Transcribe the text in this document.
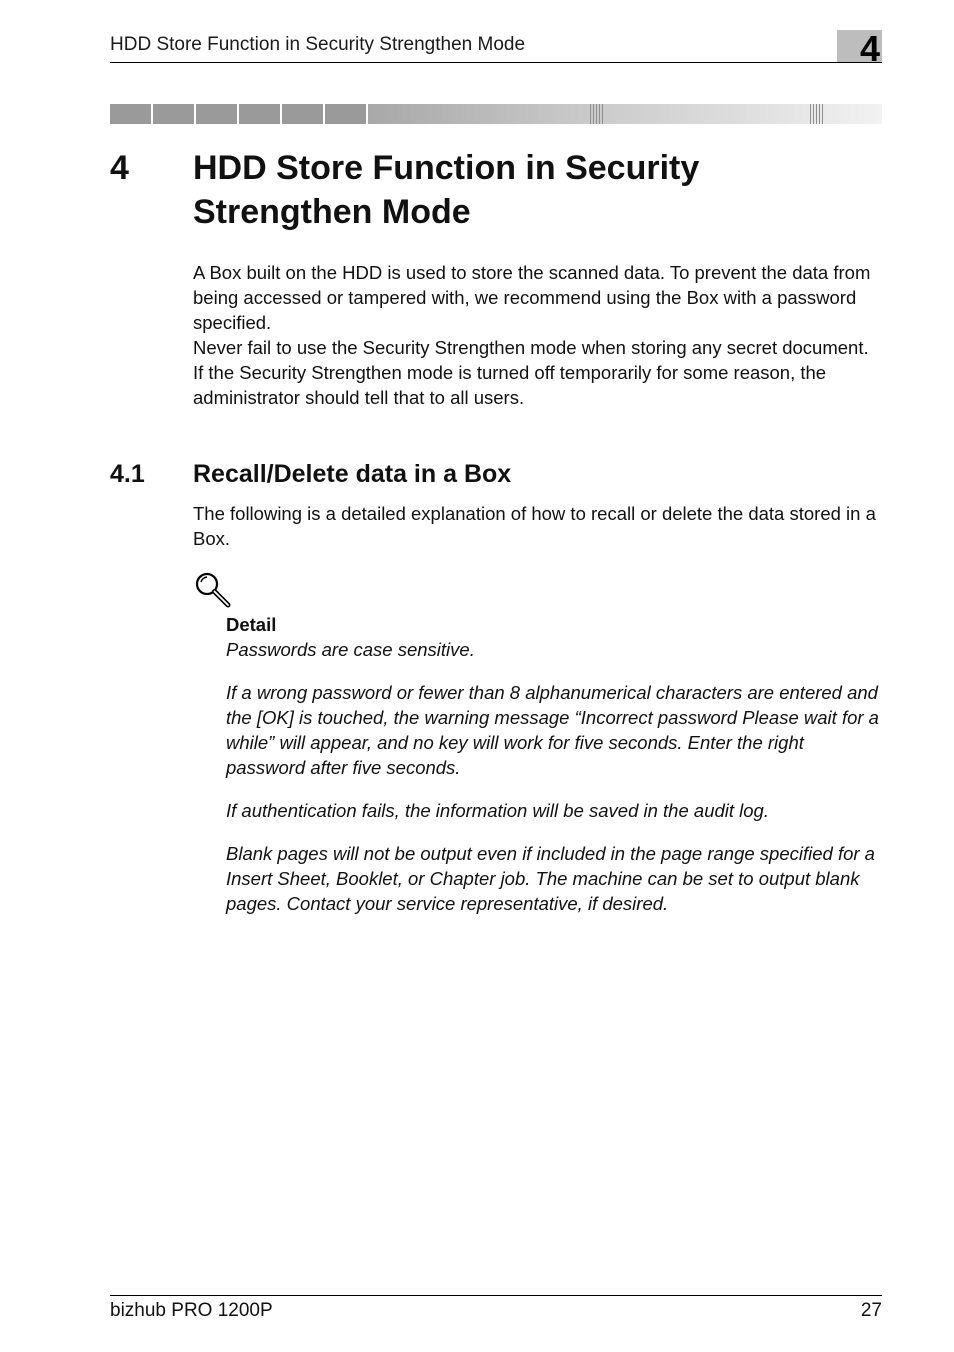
HDD Store Function in Security Strengthen Mode	4
4 HDD Store Function in Security Strengthen Mode

A Box built on the HDD is used to store the scanned data. To prevent the data from being accessed or tampered with, we recommend using the Box with a password specified.

Never fail to use the Security Strengthen mode when storing any secret document.

If the Security Strengthen mode is turned off temporarily for some reason, the administrator should tell that to all users.

4.1 Recall/Delete data in a Box

The following is a detailed explanation of how to recall or delete the data stored in a Box.

Detail

Passwords are case sensitive.

If a wrong password or fewer than 8 alphanumerical characters are entered and the [OK] is touched, the warning message “Incorrect password Please wait for a while” will appear, and no key will work for five seconds. Enter the right password after five seconds.

If authentication fails, the information will be saved in the audit log.

Blank pages will not be output even if included in the page range specified for a Insert Sheet, Booklet, or Chapter job. The machine can be set to output blank pages. Contact your service representative, if desired.

bizhub PRO 1200P	27
